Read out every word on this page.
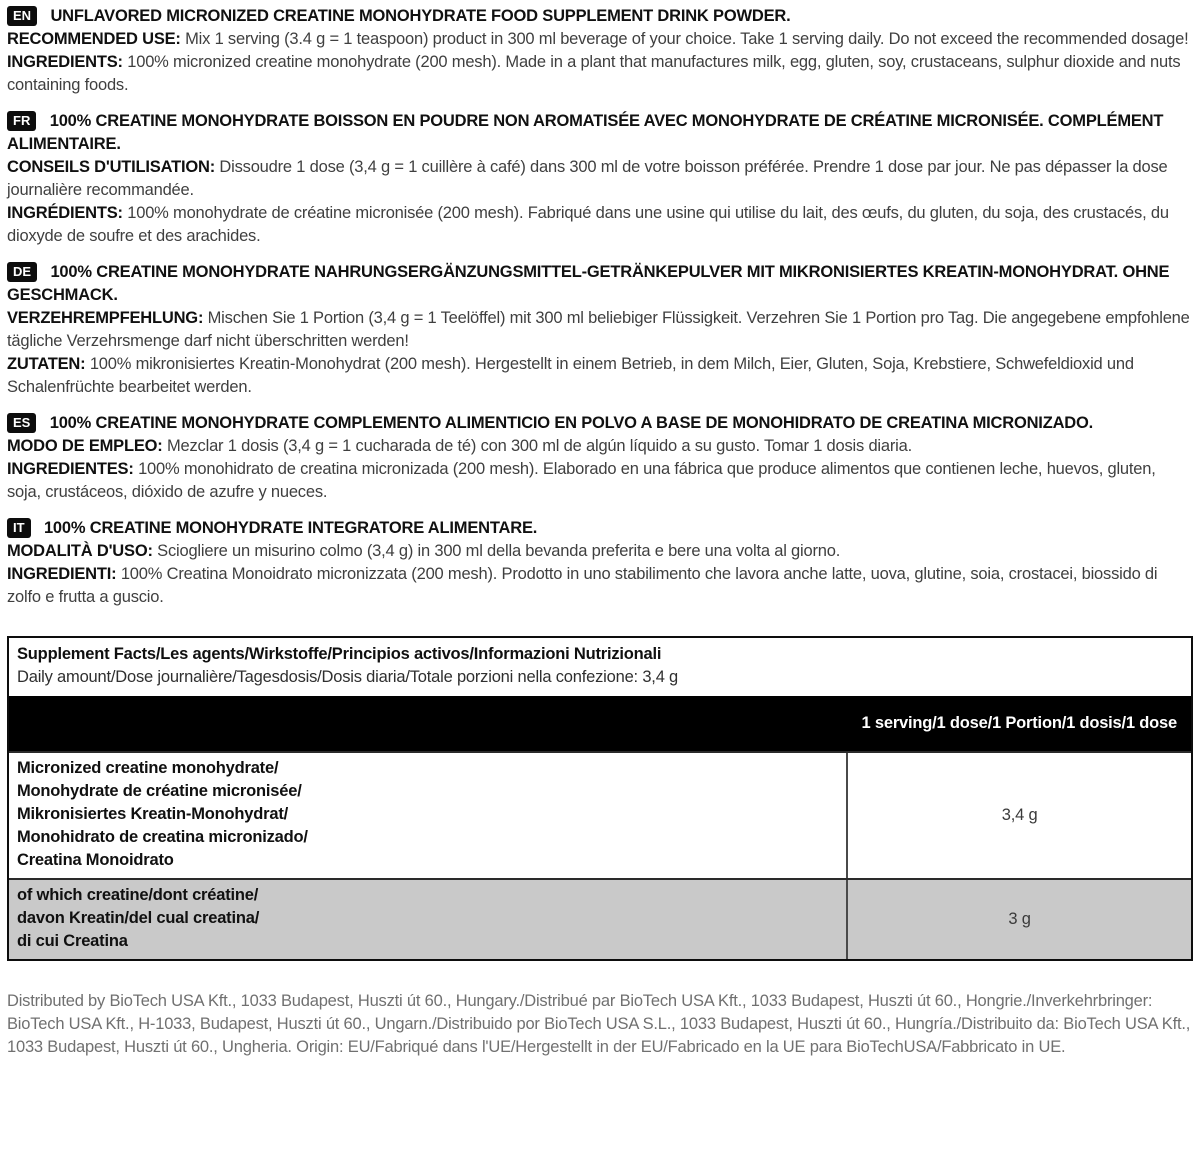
EN UNFLAVORED MICRONIZED CREATINE MONOHYDRATE FOOD SUPPLEMENT DRINK POWDER.
RECOMMENDED USE: Mix 1 serving (3.4 g = 1 teaspoon) product in 300 ml beverage of your choice. Take 1 serving daily. Do not exceed the recommended dosage!
INGREDIENTS: 100% micronized creatine monohydrate (200 mesh). Made in a plant that manufactures milk, egg, gluten, soy, crustaceans, sulphur dioxide and nuts containing foods.
FR 100% CREATINE MONOHYDRATE BOISSON EN POUDRE NON AROMATISÉE AVEC MONOHYDRATE DE CRÉATINE MICRONISÉE. COMPLÉMENT ALIMENTAIRE.
CONSEILS D'UTILISATION: Dissoudre 1 dose (3,4 g = 1 cuillère à café) dans 300 ml de votre boisson préférée. Prendre 1 dose par jour. Ne pas dépasser la dose journalière recommandée.
INGRÉDIENTS: 100% monohydrate de créatine micronisée (200 mesh). Fabriqué dans une usine qui utilise du lait, des œufs, du gluten, du soja, des crustacés, du dioxyde de soufre et des arachides.
DE 100% CREATINE MONOHYDRATE NAHRUNGSERGÄNZUNGSMITTEL-GETRÄNKEPULVER MIT MIKRONISIERTES KREATIN-MONOHYDRAT. OHNE GESCHMACK.
VERZEHREMPFEHLUNG: Mischen Sie 1 Portion (3,4 g = 1 Teelöffel) mit 300 ml beliebiger Flüssigkeit. Verzehren Sie 1 Portion pro Tag. Die angegebene empfohlene tägliche Verzehrsmenge darf nicht überschritten werden!
ZUTATEN: 100% mikronisiertes Kreatin-Monohydrat (200 mesh). Hergestellt in einem Betrieb, in dem Milch, Eier, Gluten, Soja, Krebstiere, Schwefeldioxid und Schalenfrüchte bearbeitet werden.
ES 100% CREATINE MONOHYDRATE COMPLEMENTO ALIMENTICIO EN POLVO A BASE DE MONOHIDRATO DE CREATINA MICRONIZADO.
MODO DE EMPLEO: Mezclar 1 dosis (3,4 g = 1 cucharada de té) con 300 ml de algún líquido a su gusto. Tomar 1 dosis diaria.
INGREDIENTES: 100% monohidrato de creatina micronizada (200 mesh). Elaborado en una fábrica que produce alimentos que contienen leche, huevos, gluten, soja, crustáceos, dióxido de azufre y nueces.
IT 100% CREATINE MONOHYDRATE INTEGRATORE ALIMENTARE.
MODALITÀ D'USO: Sciogliere un misurino colmo (3,4 g) in 300 ml della bevanda preferita e bere una volta al giorno.
INGREDIENTI: 100% Creatina Monoidrato micronizzata (200 mesh). Prodotto in uno stabilimento che lavora anche latte, uova, glutine, soia, crostacei, biossido di zolfo e frutta a guscio.
Supplement Facts/Les agents/Wirkstoffe/Principios activos/Informazioni Nutrizionali
Daily amount/Dose journalière/Tagesdosis/Dosis diaria/Totale porzioni nella confezione: 3,4 g
1 serving/1 dose/1 Portion/1 dosis/1 dose
Micronized creatine monohydrate/
Monohydrate de créatine micronisée/
Mikronisiertes Kreatin-Monohydrat/
Monohidrato de creatina micronizado/
Creatina Monoidrato
3,4 g
of which creatine/dont créatine/
davon Kreatin/del cual creatina/
di cui Creatina
3 g
Distributed by BioTech USA Kft., 1033 Budapest, Huszti út 60., Hungary./Distribué par BioTech USA Kft., 1033 Budapest, Huszti út 60., Hongrie./Inverkehrbringer: BioTech USA Kft., H-1033, Budapest, Huszti út 60., Ungarn./Distribuido por BioTech USA S.L., 1033 Budapest, Huszti út 60., Hungría./Distribuito da: BioTech USA Kft., 1033 Budapest, Huszti út 60., Ungheria. Origin: EU/Fabriqué dans l'UE/Hergestellt in der EU/Fabricado en la UE para BioTechUSA/Fabbricato in UE.
